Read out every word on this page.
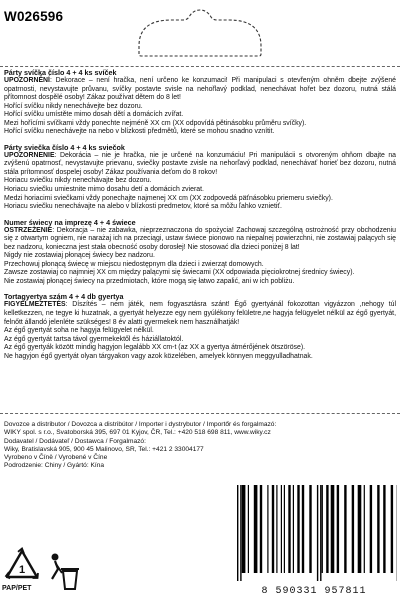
W026596
Párty svíčka číslo 4 + 4 ks svíček

UPOZORNĚNÍ: Dekorace – není hračka, není určeno ke konzumaci! Při manipulaci s otevřeným ohněm dbejte zvýšené opatrnosti, nevystavujte průvanu, svíčky postavte svisle na nehořlavý podklad, nenechávat hořet bez dozoru, nutná stálá přítomnost dospělé osoby! Zákaz používat dětem do 8 let!

Hořící svíčku nikdy nenechávejte bez dozoru.
Hořící svíčku umístěte mimo dosah dětí a domácích zvířat.
Mezi hořícími svíčkami vždy ponechte nejméně XX cm (XX odpovídá pětinásobku průměru svíčky).
Hořící svíčku nenechávejte na nebo v blízkosti předmětů, které se mohou snadno vznítit.
Párty sviečka číslo 4 + 4 ks sviečok

UPOZORNENIE: Dekorácia – nie je hračka, nie je určené na konzumáciu! Pri manipulácii s otvoreným ohňom dbajte na zvýšenú opatrnosť, nevystavujte prievanu, sviečky postavte zvisle na nehorľavý podklad, nenechávať horieť bez dozoru, nutná stála prítomnosť dospelej osoby! Zákaz používania deťom do 8 rokov!

Horiacu sviečku nikdy nenechávajte bez dozoru.
Horiacu sviečku umiestnite mimo dosahu detí a domácich zvierat.
Medzi horiacimi sviečkami vždy ponechajte najmenej XX cm (XX zodpovedá päťnásobku priemeru sviečky).
Horiacu sviečku nenechávajte na alebo v blízkosti predmetov, ktoré sa môžu ľahko vznietiť.
Numer świecy na imprezę 4 + 4 świece

OSTRZEŻENIE: Dekoracja – nie zabawka, nieprzeznaczona do spożycia! Zachowaj szczególną ostrożność przy obchodzeniu się z otwartym ogniem, nie narażaj ich na przeciągi, ustaw świece pionowo na niepalnej powierzchni, nie zostawiaj palących się bez nadzoru, konieczna jest stała obecność osoby dorosłej! Nie stosować dla dzieci poniżej 8 lat!

Nigdy nie zostawiaj płonącej świecy bez nadzoru.
Przechowuj płonącą świecę w miejscu niedostępnym dla dzieci i zwierząt domowych.
Zawsze zostawiaj co najmniej XX cm między palącymi się świecami (XX odpowiada pięciokrotnej średnicy świecy).
Nie zostawiaj płonącej świecy na przedmiotach, które mogą się łatwo zapalić, ani w ich pobliżu.
Tortagyertya szám 4 + 4 db gyertya

FIGYELMEZTETÉS: Díszítés – nem játék, nem fogyasztásra szánt! Égő gyertyánál fokozottan vigyázzon ,nehogy túl kelletkezzen, ne tegye ki huzatnak, a gyertyát helyezze egy nem gyúlékony felületre,ne hagyja felügyelet nélkül az égő gyertyát, felnőtt állandó jelenléte szükséges! 8 év alatti gyermekek nem használhatják!

Az égő gyertyát soha ne hagyja felügyelet nélkül.
Az égő gyertyát tartsa távol gyermekektől és háziállatoktól.
Az égő gyertyák között mindig hagyjon legalább XX cm-t (az XX a gyertya átmérőjének ötszöröse).
Ne hagyjon égő gyertyát olyan tárgyakon vagy azok közelében, amelyek könnyen meggyulladhatnak.
Dovozce a distributor / Dovozca a distribútor / Importer i dystrybutor / Importőr és forgalmazó:
WIKY spol. s r.o., Svatoborská 395, 697 01 Kyjov, ČR, Tel.: +420 518 698 811, www.wiky.cz
Dodavatel / Dodávateľ / Dostawca / Forgalmazó:
Wiky, Bratislavská 905, 900 45 Malinovo, SR, Tel.: +421 2 33004177
Vyrobeno v Číně / Vyrobené v Číne
Podrodzenie: Chiny / Gyártó: Kína
1
PAP/PET	8 590331 957811
